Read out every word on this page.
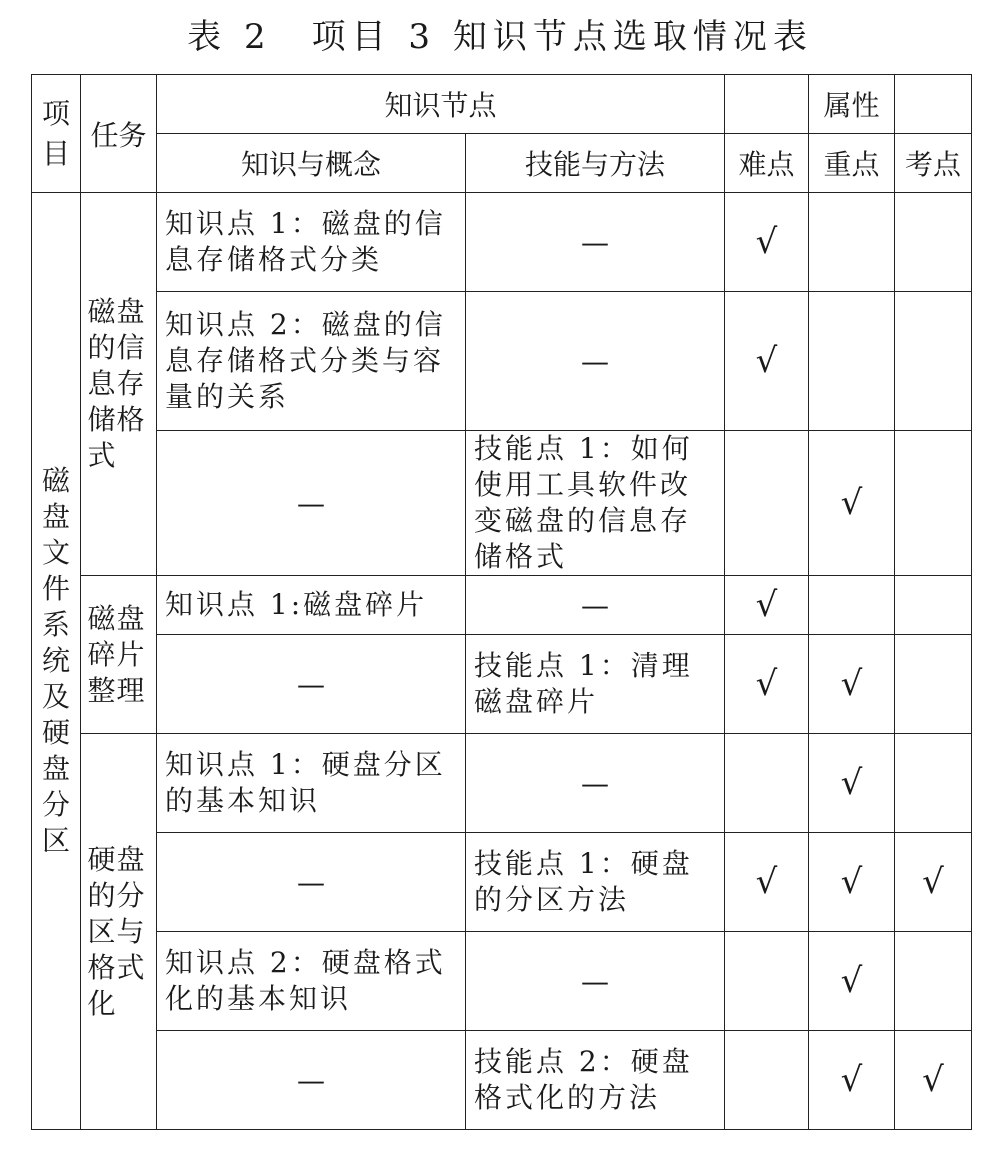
表 2　项目 3 知识节点选取情况表
项目	任务	知识节点			属性	
		知识与概念	技能与方法	难点	重点	考点

磁盘文件系统及硬盘分区	磁盘的信息存储格式	知识点 1：磁盘的信息存储格式分类	—	√		

		知识点 2：磁盘的信息存储格式分类与容量的关系	—	√		
		—	技能点 1：如何使用工具软件改变磁盘的信息存储格式		√	

	磁盘碎片整理	知识点 1:磁盘碎片	—	√		
		—	技能点 1：清理磁盘碎片	√	√	

	硬盘的分区与格式化	知识点 1：硬盘分区的基本知识	—		√	
		—	技能点 1：硬盘的分区方法	√	√	√

		知识点 2：硬盘格式化的基本知识	—		√	
		—	技能点 2：硬盘格式化的方法		√	√
